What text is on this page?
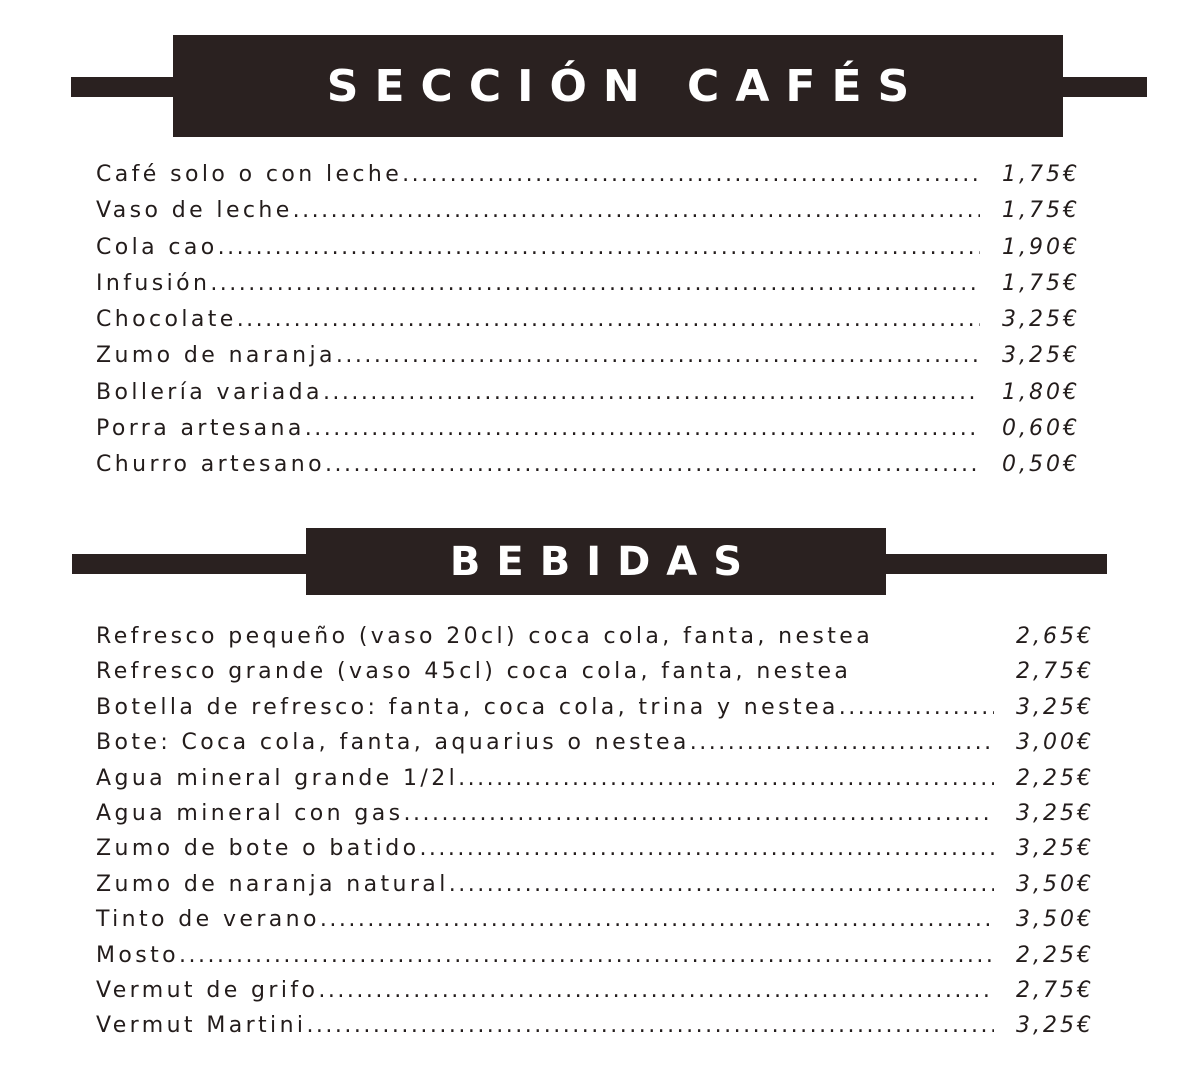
SECCIÓN CAFÉS
Café solo o con leche .....	1,75€
Vaso de leche .....	1,75€
Cola cao .....	1,90€
Infusión .....	1,75€
Chocolate .....	3,25€
Zumo de naranja .....	3,25€
Bollería variada .....	1,80€
Porra artesana .....	0,60€
Churro artesano .....	0,50€
BEBIDAS
Refresco pequeño (vaso 20cl) coca cola, fanta, nestea	2,65€
Refresco grande (vaso 45cl) coca cola, fanta, nestea	2,75€
Botella de refresco: fanta, coca cola, trina y nestea .....	3,25€
Bote: Coca cola, fanta, aquarius o nestea .....	3,00€
Agua mineral grande 1/2l .....	2,25€
Agua mineral con gas .....	3,25€
Zumo de bote o batido .....	3,25€
Zumo de naranja natural .....	3,50€
Tinto de verano .....	3,50€
Mosto .....	2,25€
Vermut de grifo .....	2,75€
Vermut Martini .....	3,25€
